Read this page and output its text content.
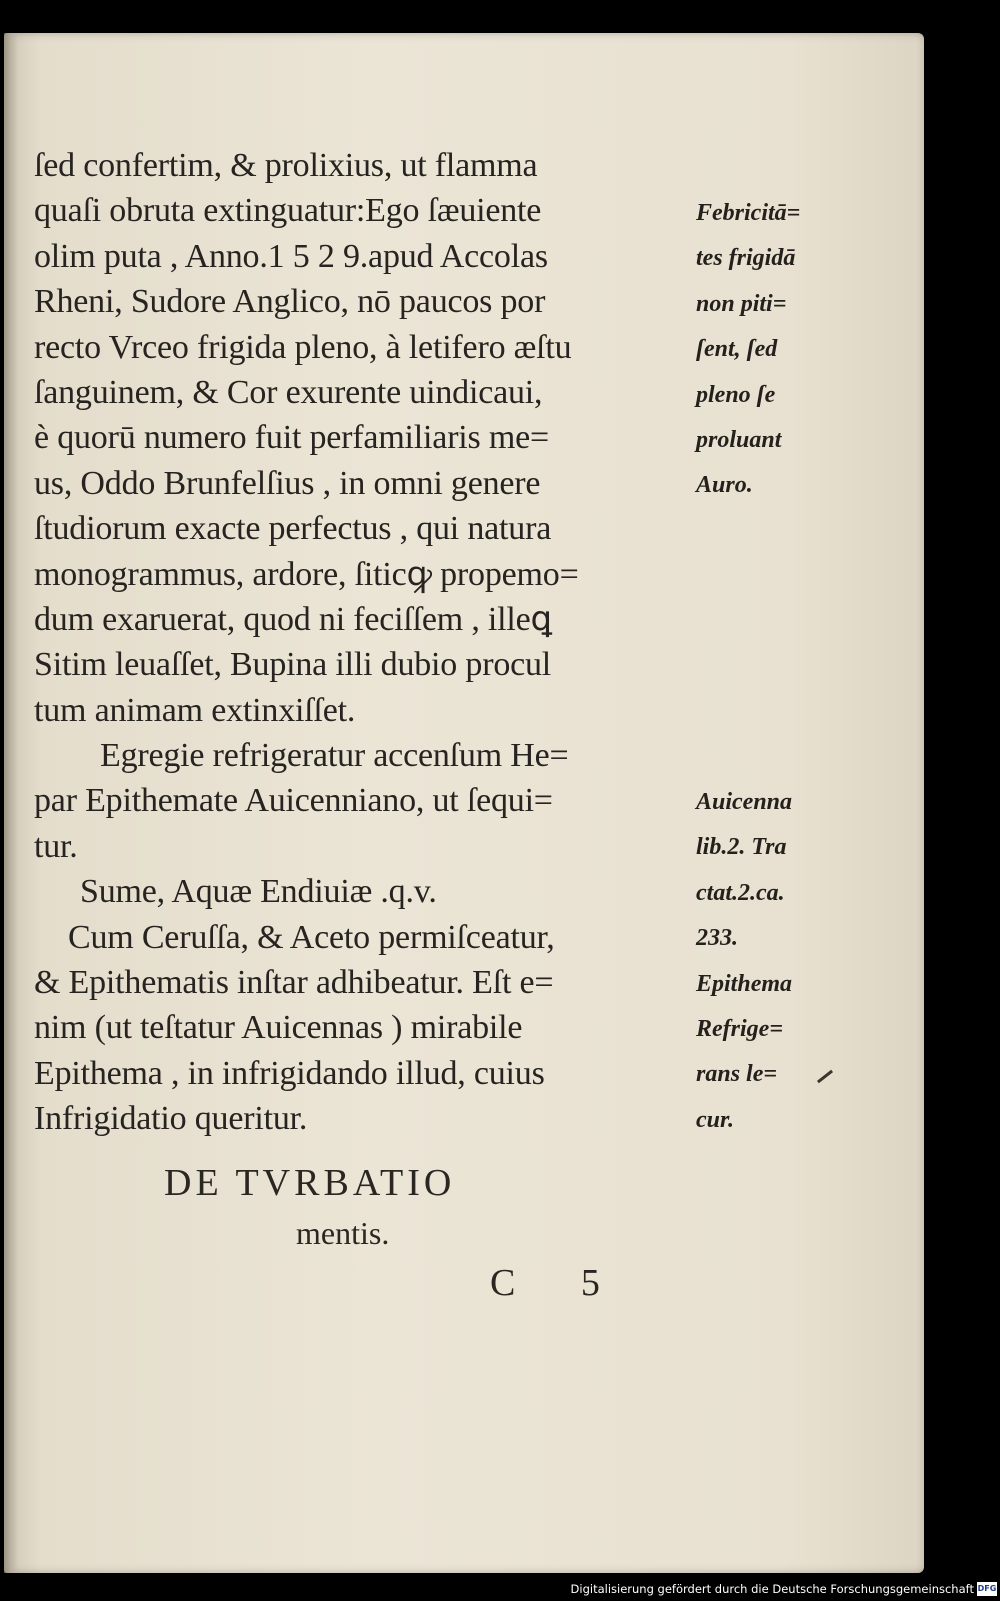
ſed confertim, & prolixius, ut flamma
quaſi obruta extinguatur:Ego ſæuiente
olim puta , Anno.1 5 2 9.apud Accolas
Rheni, Sudore Anglico, nō paucos por
recto Vrceo frigida pleno, à letifero æſtu
ſanguinem, & Cor exurente uindicaui,
è quorū numero fuit perfamiliaris me=
us, Oddo Brunfelſius , in omni genere
ſtudiorum exacte perfectus , qui natura
monogrammus, ardore, ſiticꝙ propemo=
dum exaruerat, quod ni feciſſem , illeꝗ
Sitim leuaſſet, Bupina illi dubio procul
tum animam extinxiſſet.
Egregie refrigeratur accenſum He=
par Epithemate Auicenniano, ut ſequi=
tur.
Sume, Aquæ Endiuiæ .q.v.
Cum Ceruſſa, & Aceto permiſceatur,
& Epithematis inſtar adhibeatur. Eſt e=
nim (ut teſtatur Auicennas ) mirabile
Epithema , in infrigidando illud, cuius
Infrigidatio queritur.
Febricitā=
tes frigidā
non piti=
ſent, ſed
pleno ſe
proluant
Auro.
Auicenna
lib.2. Tra
ctat.2.ca.
233.
Epithema
Refrige=
rans le=
cur.
DE TVRBATIO
mentis.
C 5
Digitalisierung gefördert durch die Deutsche Forschungsgemeinschaft DFG
